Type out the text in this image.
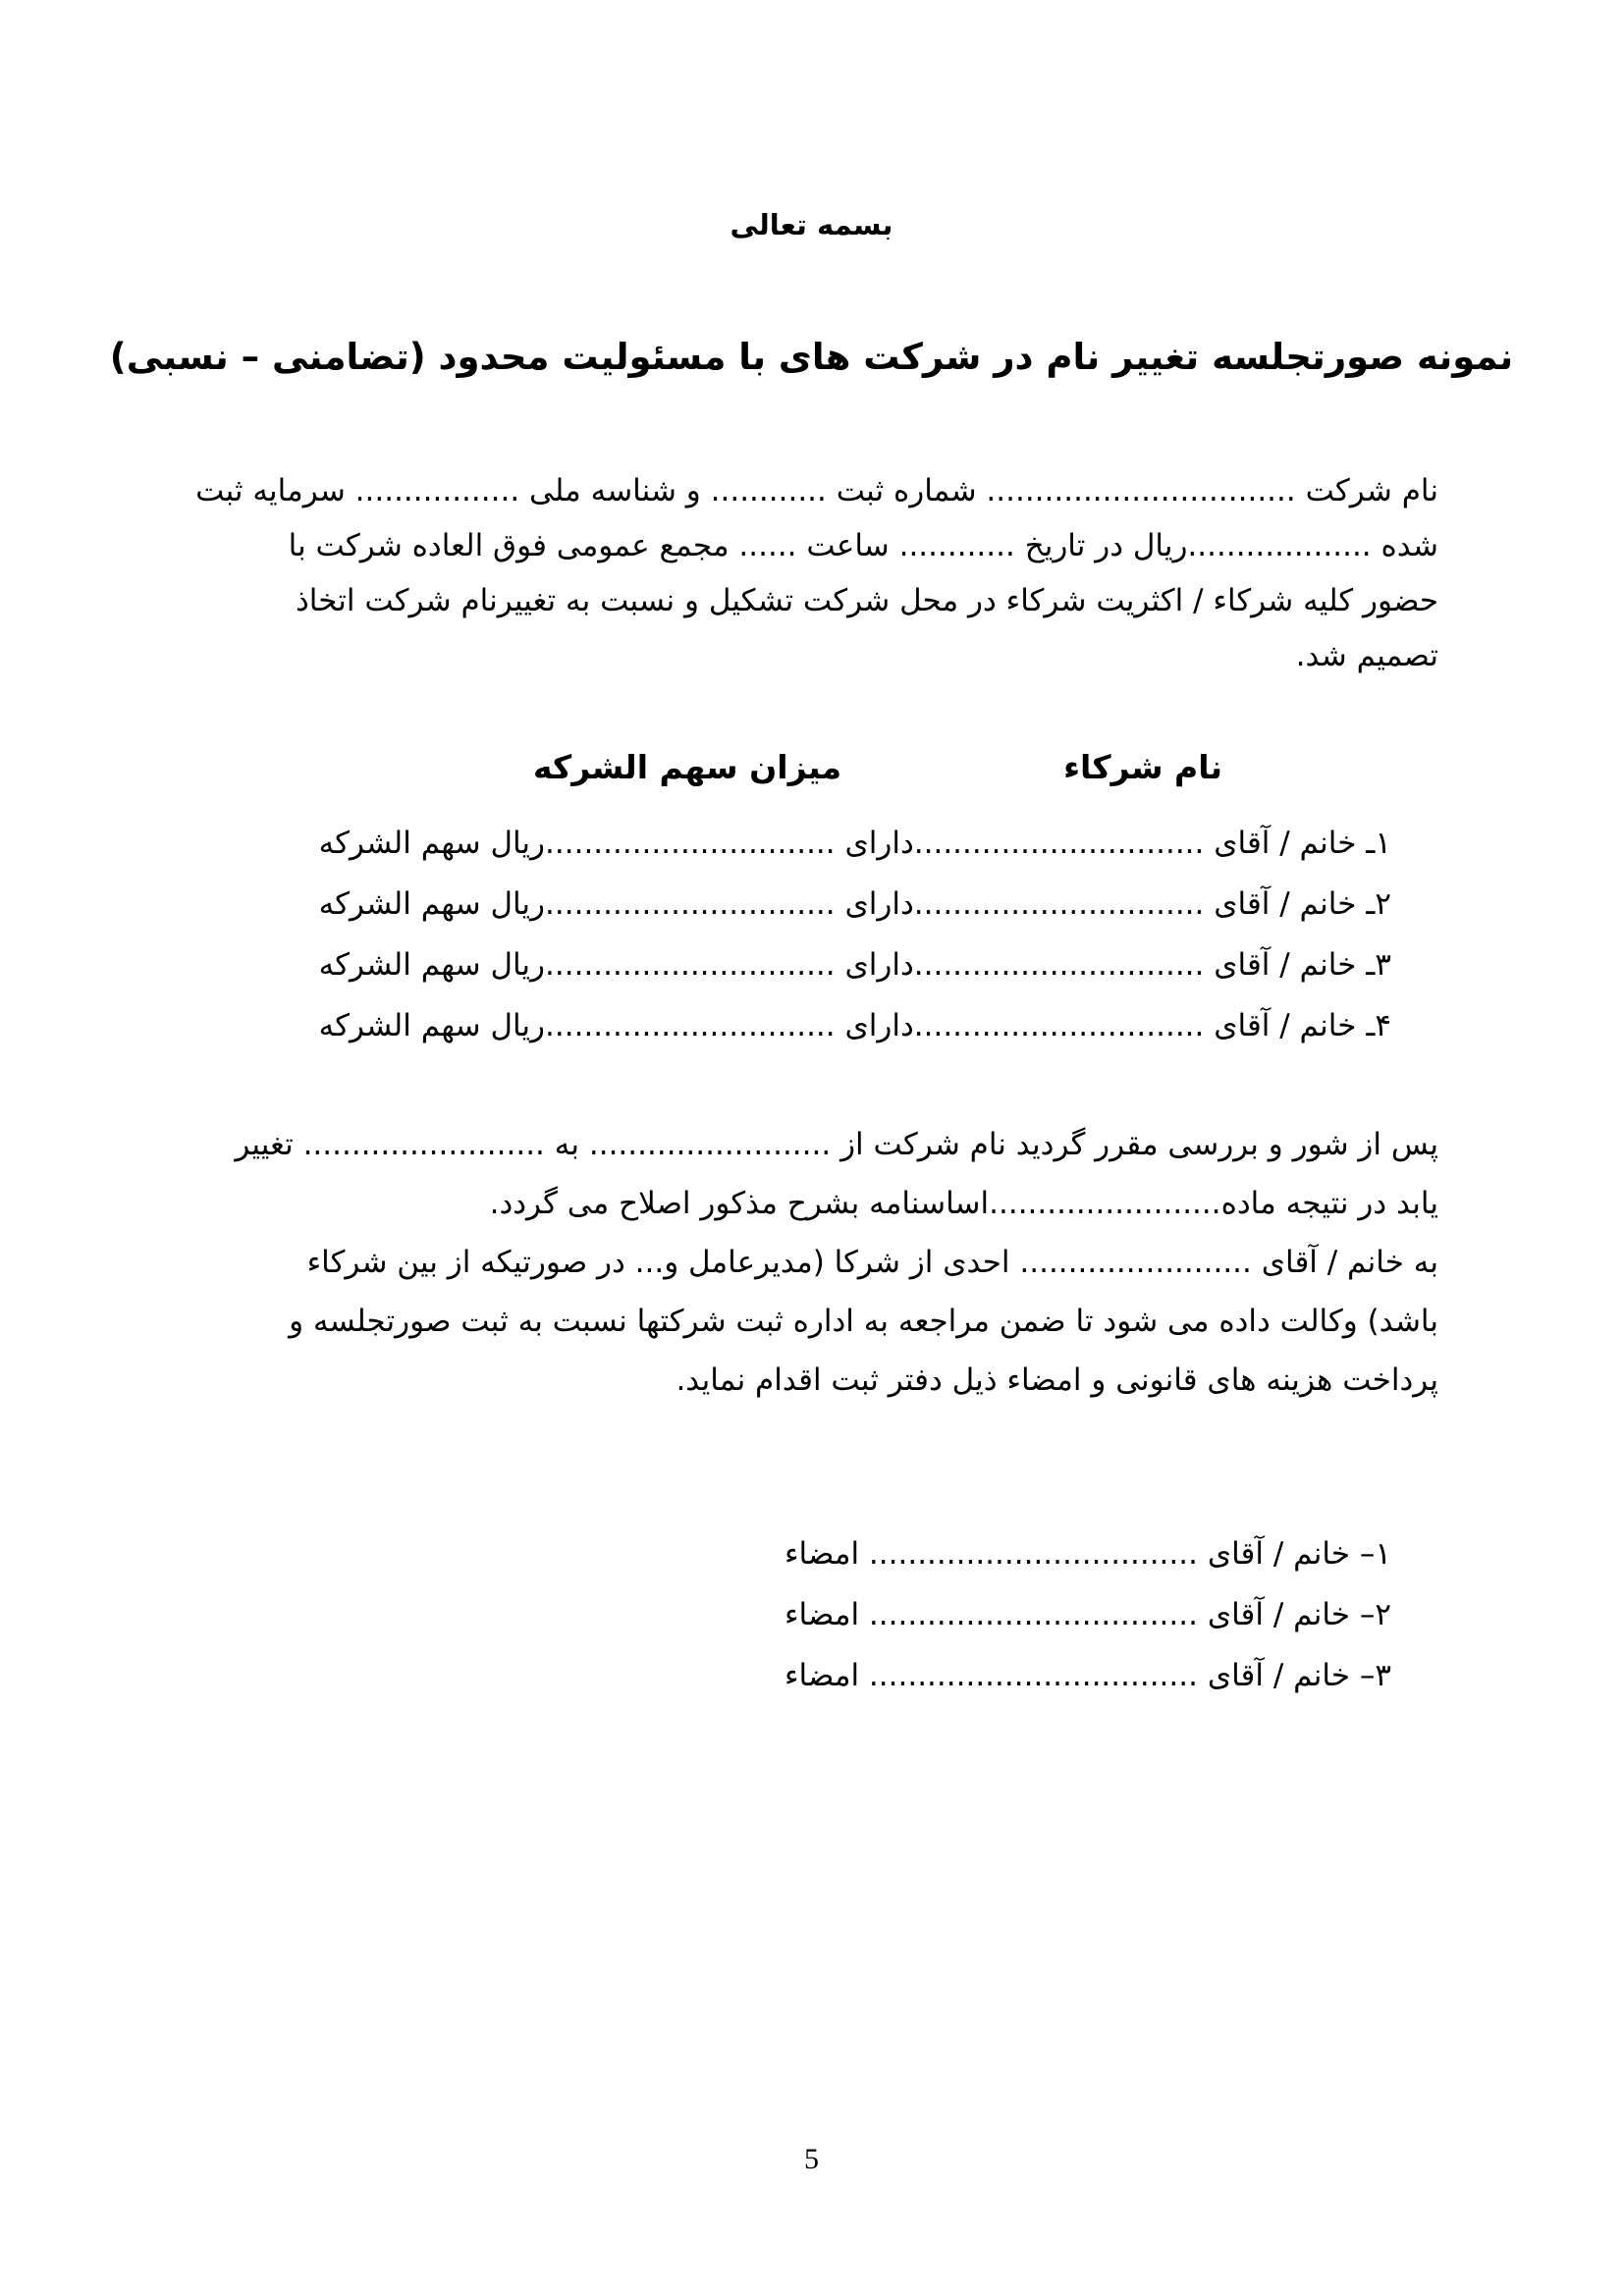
بسمه تعالی
نمونه صورتجلسه تغییر نام در شرکت های با مسئولیت محدود (تضامنی – نسبی)
نام شرکت ................................ شماره ثبت ............ و شناسه ملی ................. سرمایه ثبت
شده ...................ریال در تاریخ ............ ساعت ...... مجمع عمومی فوق العاده شرکت با
حضور کلیه شرکاء / اکثریت شرکاء در محل شرکت تشکیل و نسبت به تغییرنام شرکت اتخاذ
تصمیم شد.
نام شرکاء
میزان سهم الشرکه
۱ـ خانم / آقای ..............................دارای ..............................ریال سهم الشرکه
۲ـ خانم / آقای ..............................دارای ..............................ریال سهم الشرکه
۳ـ خانم / آقای ..............................دارای ..............................ریال سهم الشرکه
۴ـ خانم / آقای ..............................دارای ..............................ریال سهم الشرکه
پس از شور و بررسی مقرر گردید نام شرکت از ......................... به ......................... تغییر
یابد در نتیجه ماده........................اساسنامه بشرح مذکور اصلاح می گردد.
به خانم / آقای ........................ احدی از شرکا (مدیرعامل و... در صورتیکه از بین شرکاء
باشد) وکالت داده می شود تا ضمن مراجعه به اداره ثبت شرکتها نسبت به ثبت صورتجلسه و
پرداخت هزینه های قانونی و امضاء ذیل دفتر ثبت اقدام نماید.
۱– خانم / آقای .................................. امضاء
۲– خانم / آقای .................................. امضاء
۳– خانم / آقای .................................. امضاء
5
